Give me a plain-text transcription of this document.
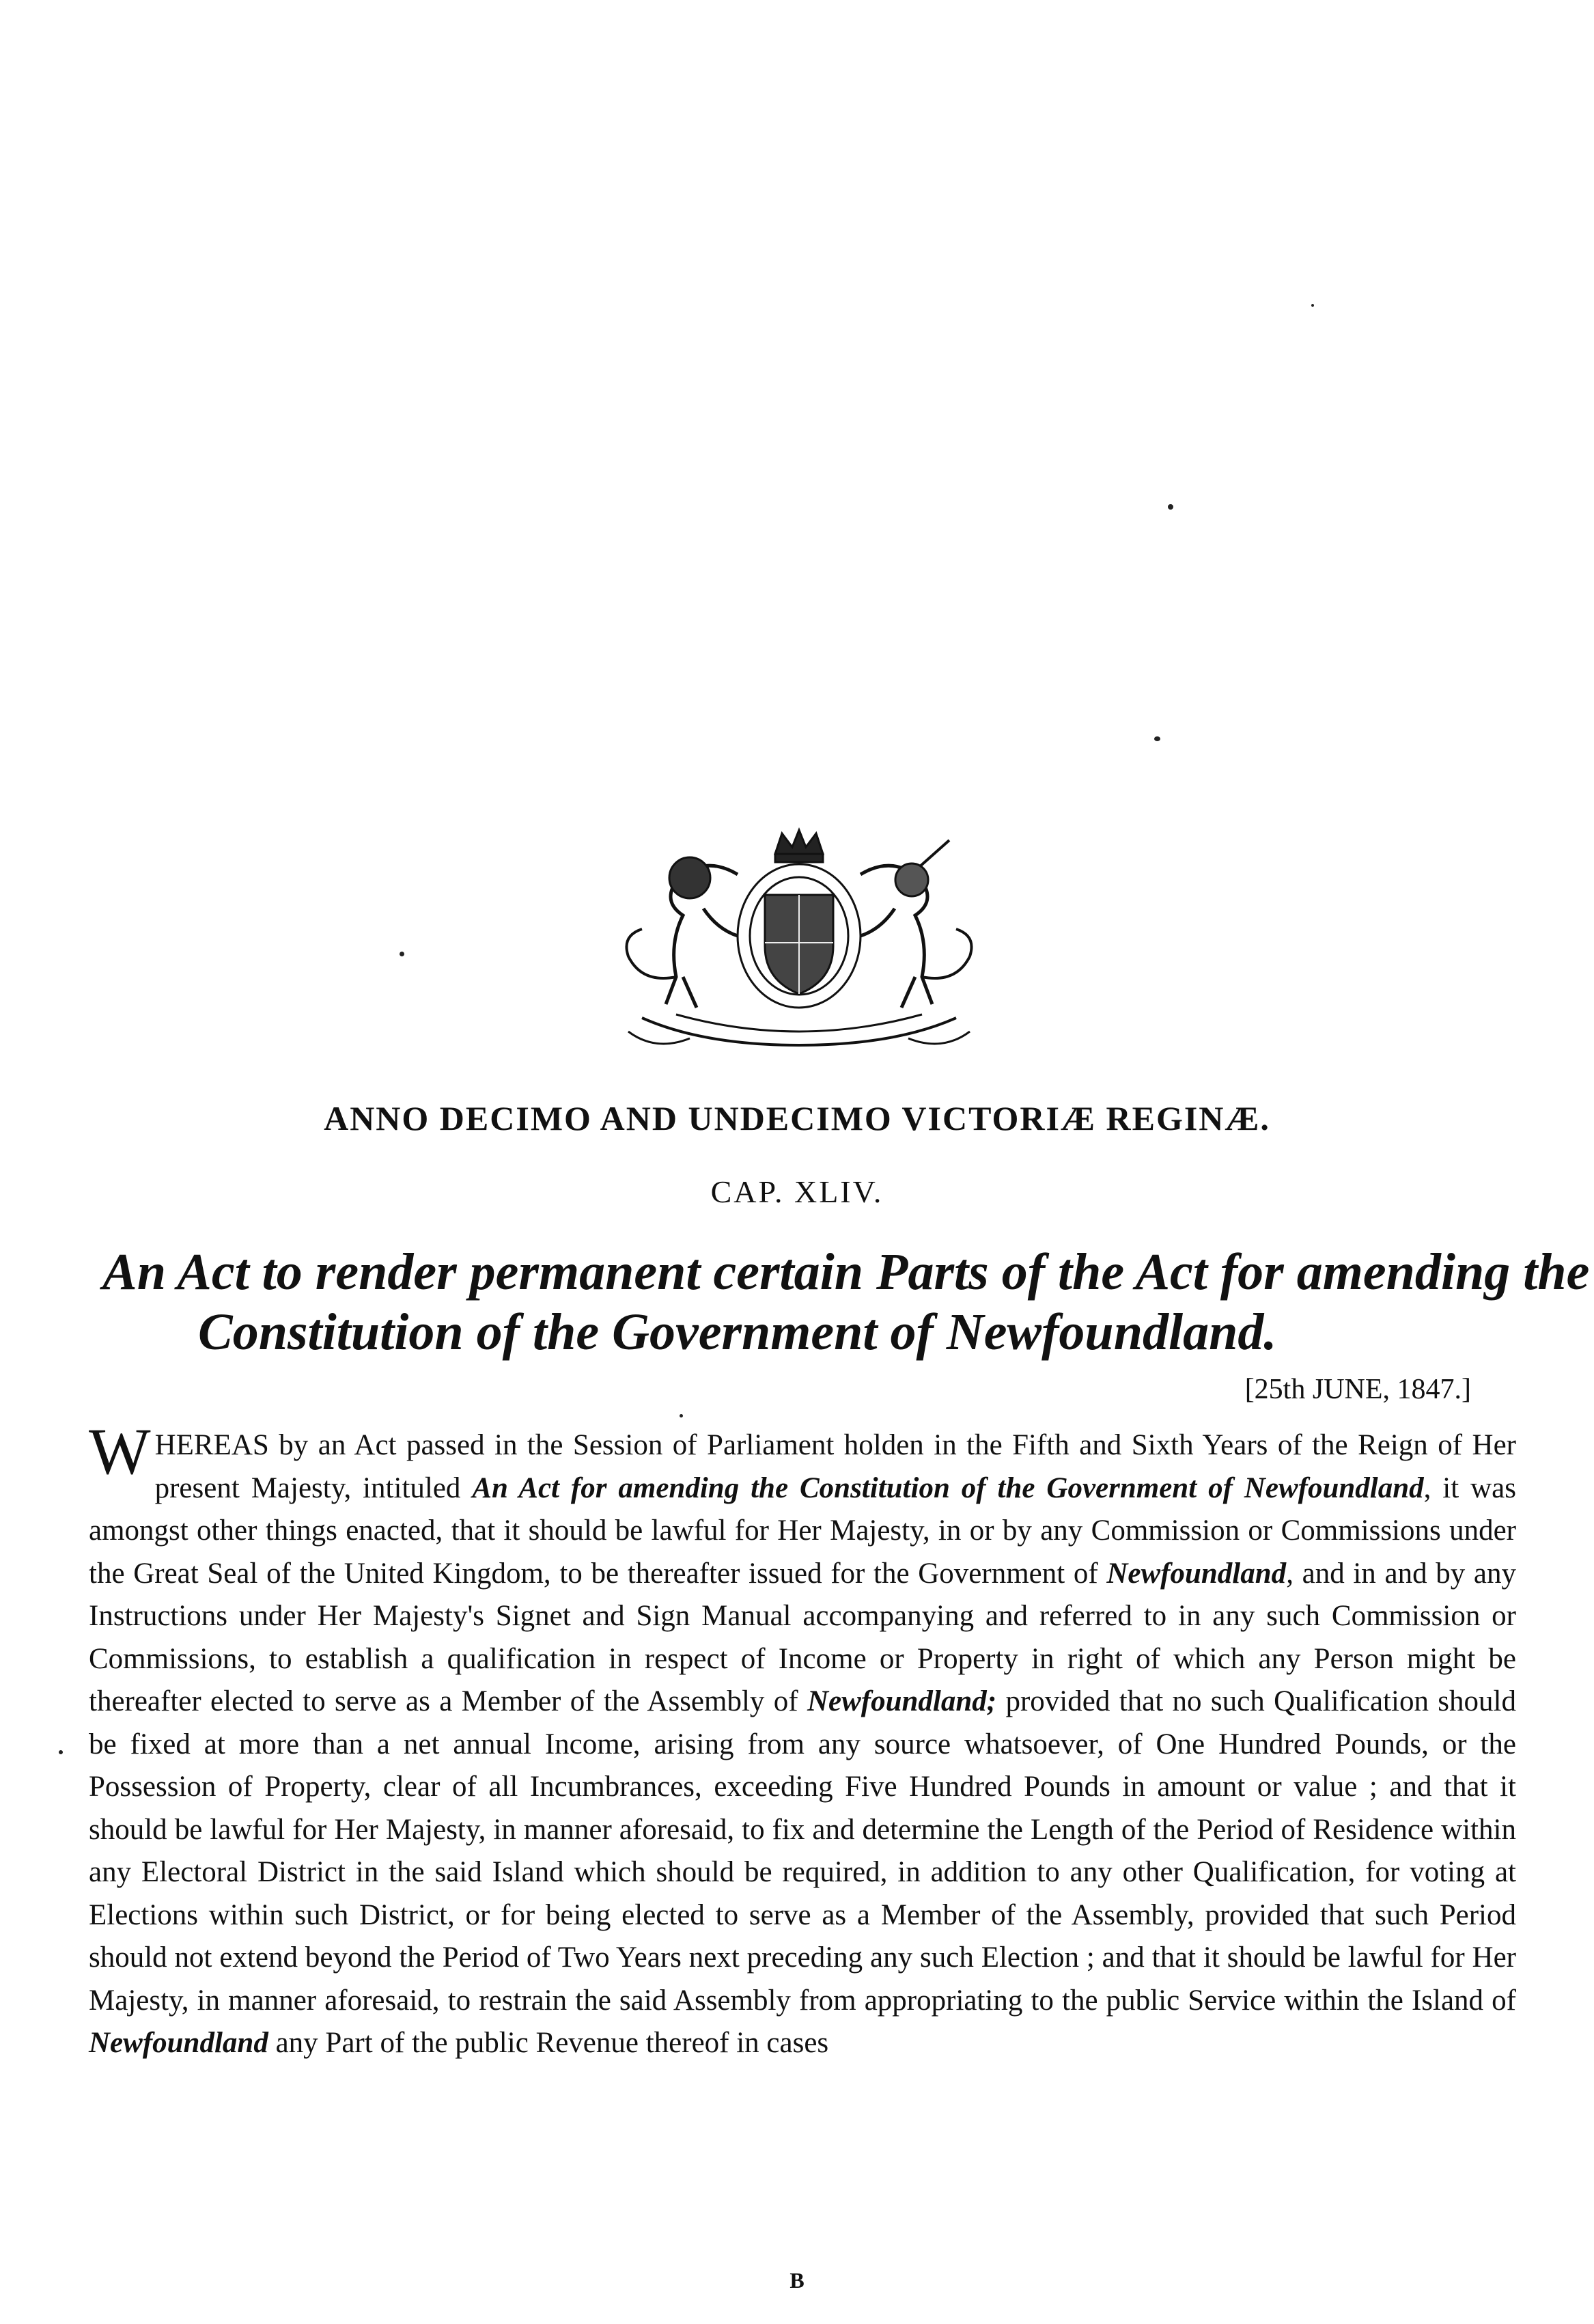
ANNO DECIMO AND UNDECIMO VICTORIÆ REGINÆ.
CAP. XLIV.
An Act to render permanent certain Parts of the Act for amending the Constitution of the Government of Newfoundland.
[25th JUNE, 1847.]
WHEREAS by an Act passed in the Session of Parliament holden in the Fifth and Sixth Years of the Reign of Her present Majesty, intituled An Act for amending the Constitution of the Government of Newfoundland, it was amongst other things enacted, that it should be lawful for Her Majesty, in or by any Commission or Commissions under the Great Seal of the United Kingdom, to be thereafter issued for the Government of Newfoundland, and in and by any Instructions under Her Majesty's Signet and Sign Manual accompanying and referred to in any such Commission or Commissions, to establish a qualification in respect of Income or Property in right of which any Person might be thereafter elected to serve as a Member of the Assembly of Newfoundland; provided that no such Qualification should be fixed at more than a net annual Income, arising from any source whatsoever, of One Hundred Pounds, or the Possession of Property, clear of all Incumbrances, exceeding Five Hundred Pounds in amount or value ; and that it should be lawful for Her Majesty, in manner aforesaid, to fix and determine the Length of the Period of Residence within any Electoral District in the said Island which should be required, in addition to any other Qualification, for voting at Elections within such District, or for being elected to serve as a Member of the Assembly, provided that such Period should not extend beyond the Period of Two Years next preceding any such Election ; and that it should be lawful for Her Majesty, in manner aforesaid, to restrain the said Assembly from appropriating to the public Service within the Island of Newfoundland any Part of the public Revenue thereof in cases
B
